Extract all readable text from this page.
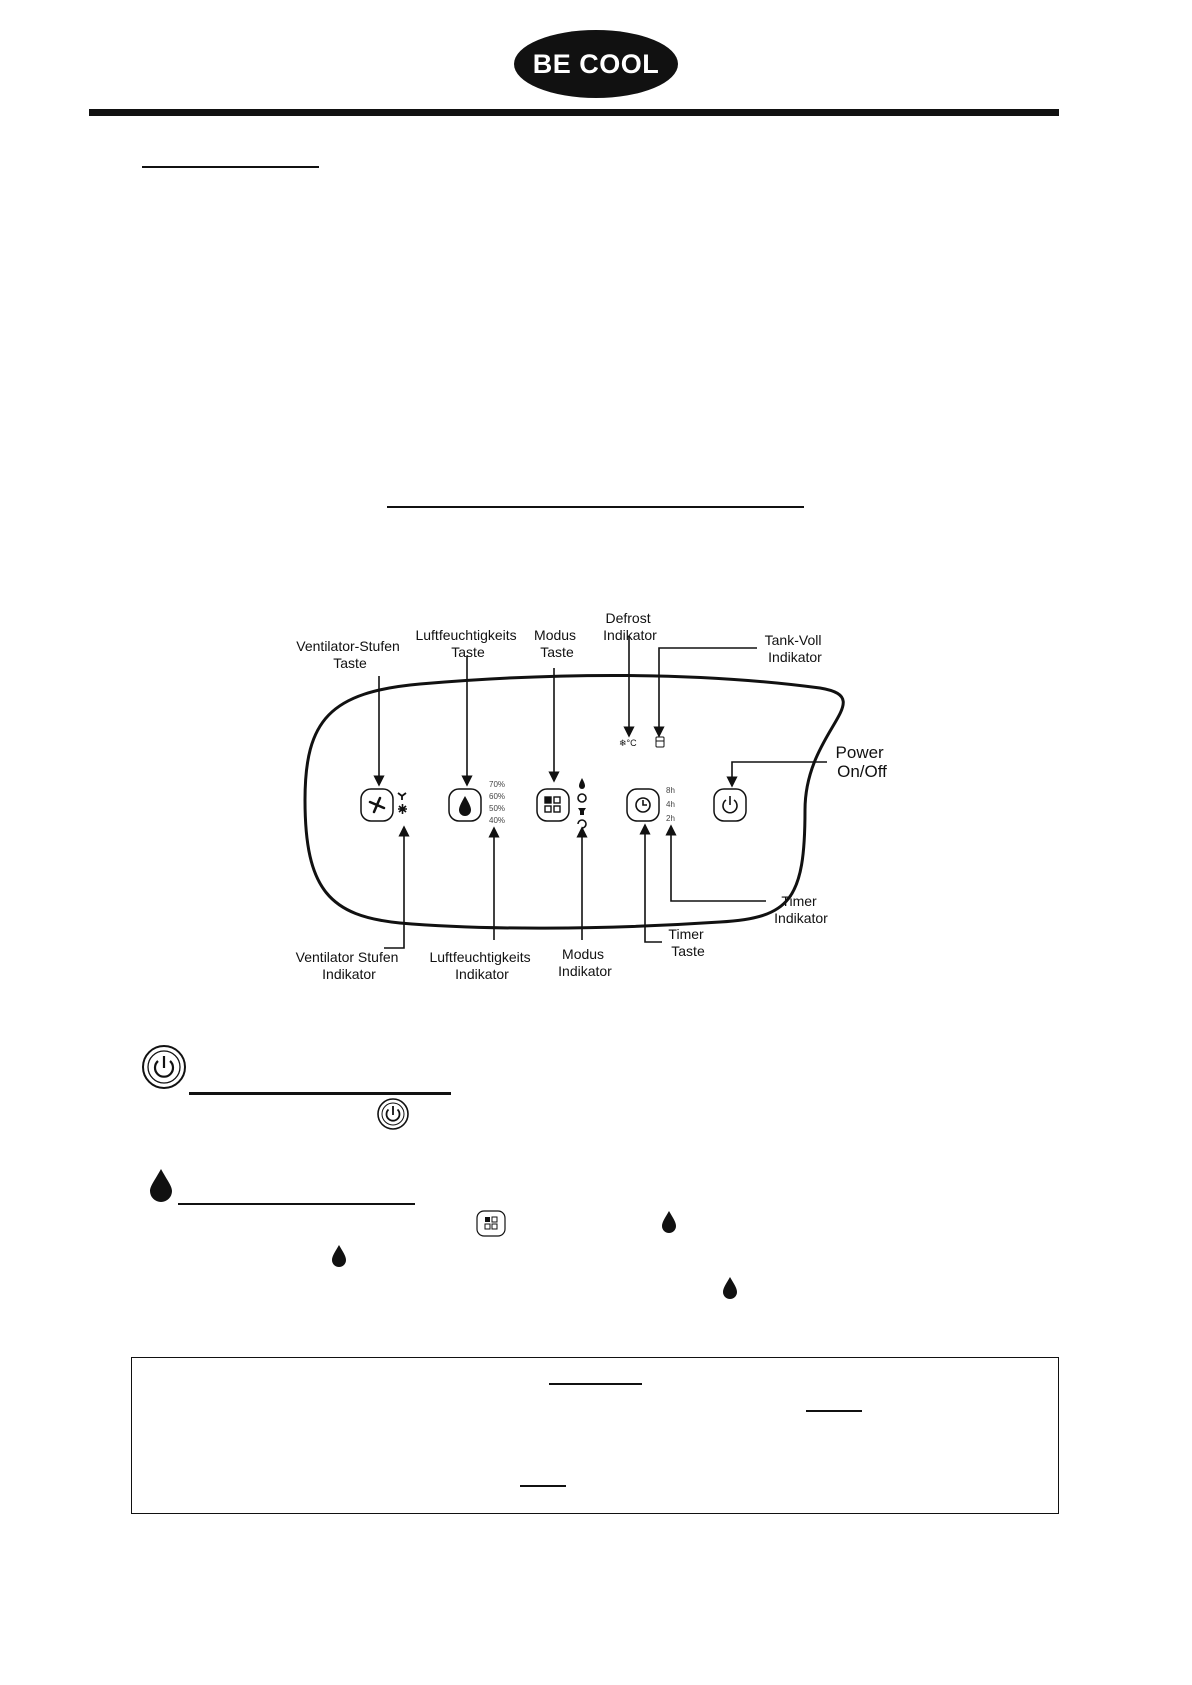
BE COOL
70%
60%
50%
40%
❄°C
8h
4h
2h
Ventilator-Stufen Taste
Luftfeuchtigkeits Taste
Modus Taste
Defrost Indikator	Tank-Voll Indikator
Power On/Off
Ventilator Stufen Indikator
Luftfeuchtigkeits Indikator
Modus Indikator
Timer Taste
Timer Indikator
